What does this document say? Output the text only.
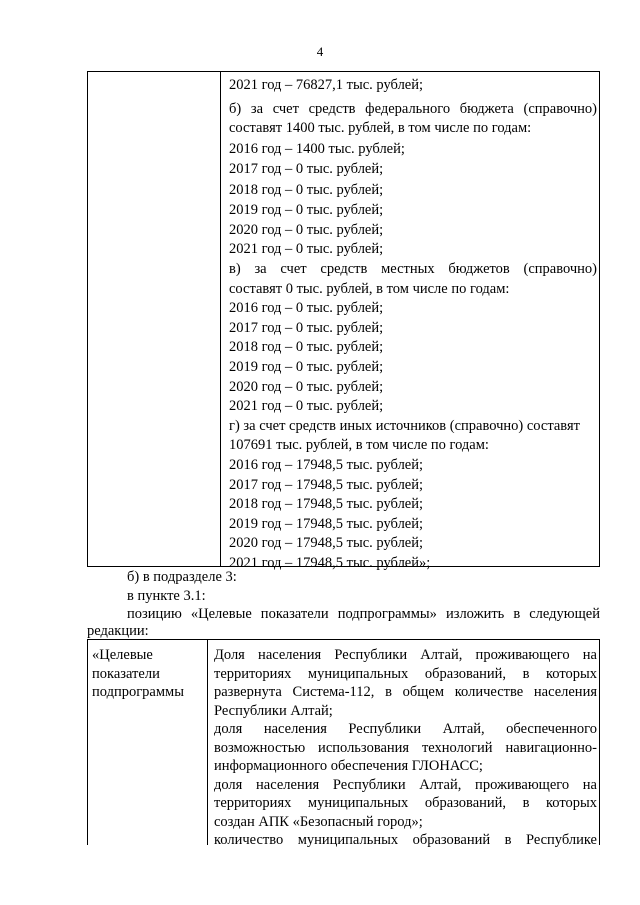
4
2021 год – 76827,1 тыс. рублей;
б) за счет средств федерального бюджета (справочно)
составят 1400 тыс. рублей, в том числе по годам:
2016 год – 1400 тыс. рублей;
2017 год – 0 тыс. рублей;
2018 год – 0 тыс. рублей;
2019 год – 0 тыс. рублей;
2020 год – 0 тыс. рублей;
2021 год – 0 тыс. рублей;
в) за счет средств местных бюджетов (справочно)
составят 0 тыс. рублей, в том числе по годам:
2016 год – 0 тыс. рублей;
2017 год – 0 тыс. рублей;
2018 год – 0 тыс. рублей;
2019 год – 0 тыс. рублей;
2020 год – 0 тыс. рублей;
2021 год – 0 тыс. рублей;
г) за счет средств иных источников (справочно) составят
107691 тыс. рублей, в том числе по годам:
2016 год – 17948,5 тыс. рублей;
2017 год – 17948,5 тыс. рублей;
2018 год – 17948,5 тыс. рублей;
2019 год – 17948,5 тыс. рублей;
2020 год – 17948,5 тыс. рублей;
2021 год – 17948,5 тыс. рублей»;
б) в подразделе 3:
в пункте 3.1:
позицию «Целевые показатели подпрограммы» изложить в следующей
редакции:
«Целевые
показатели
подпрограммы
Доля населения Республики Алтай, проживающего на
территориях муниципальных образований, в которых
развернута Система-112, в общем количестве населения
Республики Алтай;
доля населения Республики Алтай, обеспеченного
возможностью использования технологий навигационно-
информационного обеспечения ГЛОНАСС;
доля населения Республики Алтай, проживающего на
территориях муниципальных образований, в которых
создан АПК «Безопасный город»;
количество муниципальных образований в Республике
